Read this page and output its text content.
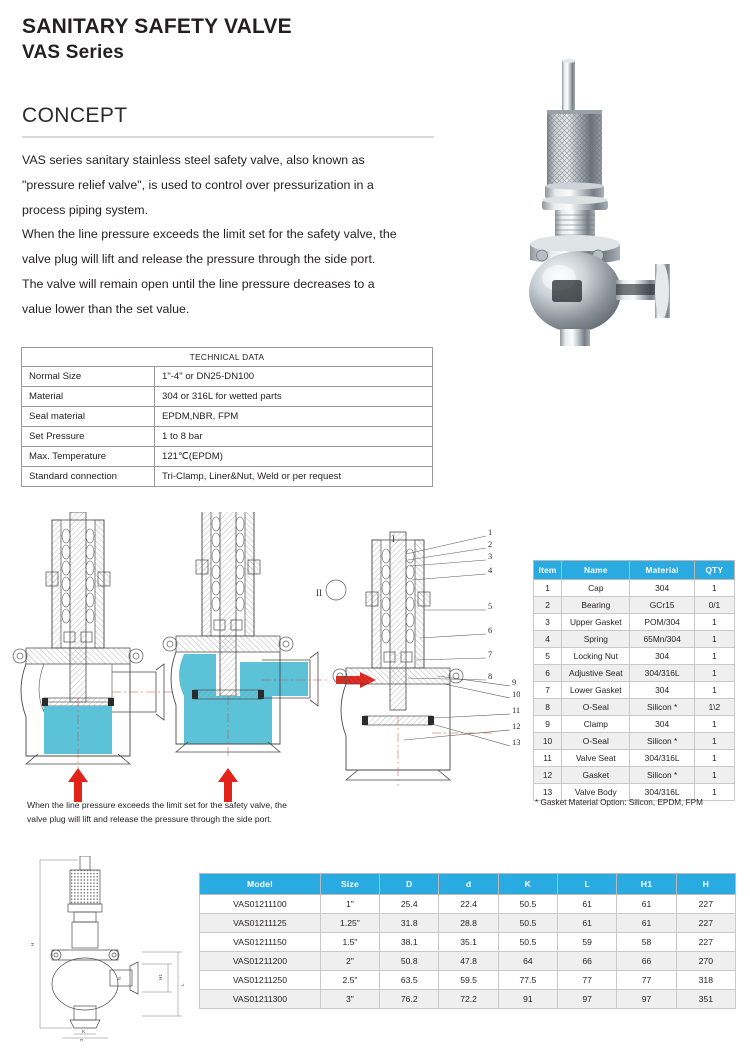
SANITARY SAFETY VALVE
VAS Series
CONCEPT

VAS series sanitary stainless steel safety valve, also known as

"pressure relief valve", is used to control over pressurization in a

process piping system.

When the line pressure exceeds the limit set for the safety valve, the

valve plug will lift and release the pressure through the side port.

The valve will remain open until the line pressure decreases to a

value lower than the set value.

TECHNICAL DATA	
Normal Size	1"-4" or DN25-DN100
Material	304 or 316L for wetted parts
Seal material	EPDM,NBR, FPM
Set Pressure	1 to 8 bar
Max. Temperature	121℃(EPDM)
Standard connection	Tri-Clamp, Liner&Nut, Weld or per request
II
1
2
3
4
5
6
7
8
9
10
11
12
13
When the line pressure exceeds the limit set for the safety valve, the
valve plug will lift and release the pressure through the side port.
Item	Name	Material	QTY
1	Cap	304	1
2	Bearing	GCr15	0/1
3	Upper Gasket	POM/304	1
4	Spring	65Mn/304	1
5	Locking Nut	304	1
6	Adjustive Seat	304/316L	1
7	Lower Gasket	304	1
8	O-Seal	Silicon *	1\2
9	Clamp	304	1
10	O-Seal	Silicon *	1
11	Valve Seat	304/316L	1
12	Gasket	Silicon *	1
13	Valve Body	304/316L	1
* Gasket Material Option: Silicon, EPDM, FPM
H
H1
L
K
D
d
Model	Size	D	d	K	L	H1	H
VAS01211100	1"	25.4	22.4	50.5	61	61	227
VAS01211125	1.25"	31.8	28.8	50.5	61	61	227
VAS01211150	1.5"	38.1	35.1	50.5	59	58	227
VAS01211200	2"	50.8	47.8	64	66	66	270
VAS01211250	2.5"	63.5	59.5	77.5	77	77	318
VAS01211300	3"	76.2	72.2	91	97	97	351
